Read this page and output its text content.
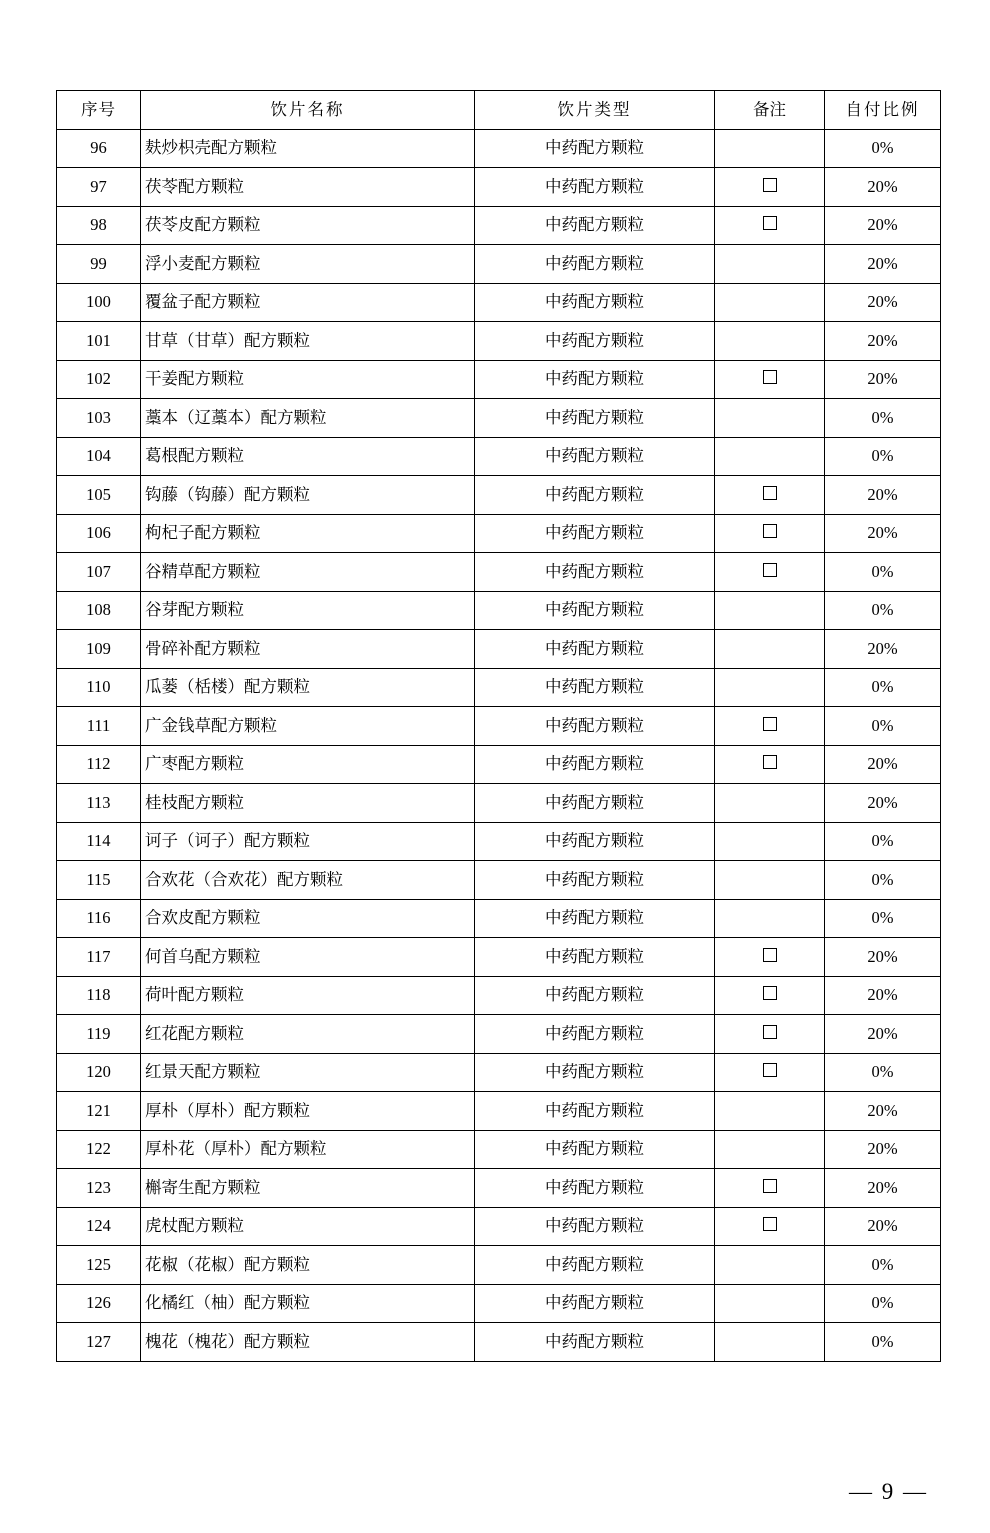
序号	饮片名称	饮片类型	备注	自付比例
96	麸炒枳壳配方颗粒	中药配方颗粒		0%
97	茯苓配方颗粒	中药配方颗粒		20%
98	茯苓皮配方颗粒	中药配方颗粒		20%
99	浮小麦配方颗粒	中药配方颗粒		20%
100	覆盆子配方颗粒	中药配方颗粒		20%
101	甘草（甘草）配方颗粒	中药配方颗粒		20%
102	干姜配方颗粒	中药配方颗粒		20%
103	藁本（辽藁本）配方颗粒	中药配方颗粒		0%
104	葛根配方颗粒	中药配方颗粒		0%
105	钩藤（钩藤）配方颗粒	中药配方颗粒		20%
106	枸杞子配方颗粒	中药配方颗粒		20%
107	谷精草配方颗粒	中药配方颗粒		0%
108	谷芽配方颗粒	中药配方颗粒		0%
109	骨碎补配方颗粒	中药配方颗粒		20%
110	瓜蒌（栝楼）配方颗粒	中药配方颗粒		0%
111	广金钱草配方颗粒	中药配方颗粒		0%
112	广枣配方颗粒	中药配方颗粒		20%
113	桂枝配方颗粒	中药配方颗粒		20%
114	诃子（诃子）配方颗粒	中药配方颗粒		0%
115	合欢花（合欢花）配方颗粒	中药配方颗粒		0%
116	合欢皮配方颗粒	中药配方颗粒		0%
117	何首乌配方颗粒	中药配方颗粒		20%
118	荷叶配方颗粒	中药配方颗粒		20%
119	红花配方颗粒	中药配方颗粒		20%
120	红景天配方颗粒	中药配方颗粒		0%
121	厚朴（厚朴）配方颗粒	中药配方颗粒		20%
122	厚朴花（厚朴）配方颗粒	中药配方颗粒		20%
123	槲寄生配方颗粒	中药配方颗粒		20%
124	虎杖配方颗粒	中药配方颗粒		20%
125	花椒（花椒）配方颗粒	中药配方颗粒		0%
126	化橘红（柚）配方颗粒	中药配方颗粒		0%
127	槐花（槐花）配方颗粒	中药配方颗粒		0%
— 9 —
